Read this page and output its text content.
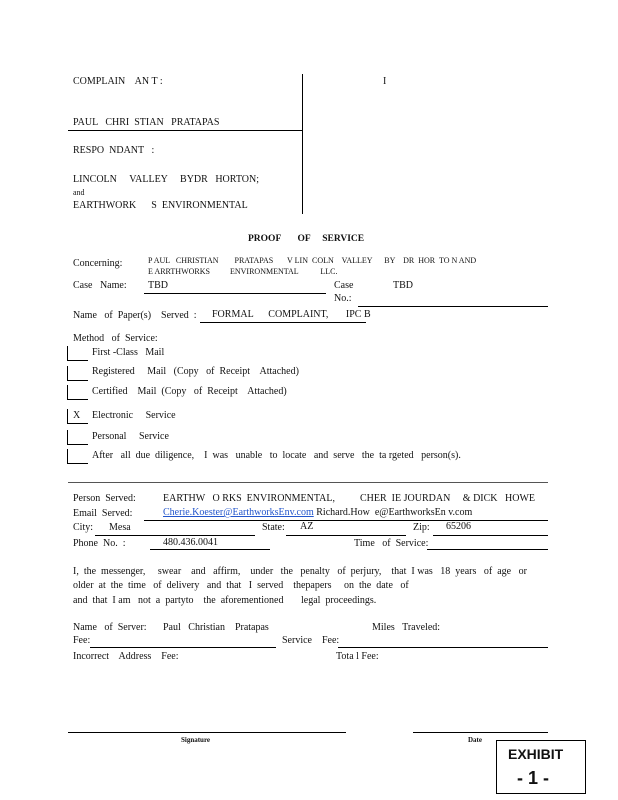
COMPLAIN    AN T :	I
PAUL   CHRI  STIAN   PRATAPAS
RESPO  NDANT   :
LINCOLN     VALLEY     BYDR   HORTON;
and
EARTHWORK      S  ENVIRONMENTAL
PROOF       OF     SERVICE
Concerning:	P AUL   CHRISTIAN        PRATAPAS       V LIN  COLN    VALLEY      BY    DR  HOR  TO N AND
E ARRTHWORKS          ENVIRONMENTAL           LLC.
Case   Name: TBD	Case
No.:
TBD
Name   of  Paper(s)    Served  : FORMAL      COMPLAINT,       IPC B
Method   of  Service:
First -Class   Mail
Registered     Mail   (Copy   of  Receipt    Attached)
Certified    Mail  (Copy   of  Receipt    Attached)
X Electronic     Service
Personal     Service
After   all  due  diligence,    I  was   unable   to  locate   and  serve   the  ta rgeted   person(s).
Person  Served:	EARTHW   O RKS  ENVIRONMENTAL,          CHER  IE JOURDAN     & DICK   HOWE
Email  Served:	Cherie.Koester@EarthworksEnv.com Richard.How  e@EarthworksEn v.com
City: Mesa	State: AZ	Zip: 65206
Phone  No.  :	480.436.0041	Time   of  Service:
I,  the  messenger,     swear    and   affirm,    under   the   penalty   of  perjury,    that  I was   18  years   of  age   or
older  at  the  time   of  delivery   and  that   I  served    thepapers     on  the  date   of
and  that  I am   not  a  partyto    the  aforementioned       legal  proceedings.
Name   of  Server: Paul   Christian    Pratapas	Miles   Traveled:
Fee:	Service    Fee:
Incorrect    Address    Fee:	Tota l Fee:
Signature	Date
EXHIBIT
- 1 -
